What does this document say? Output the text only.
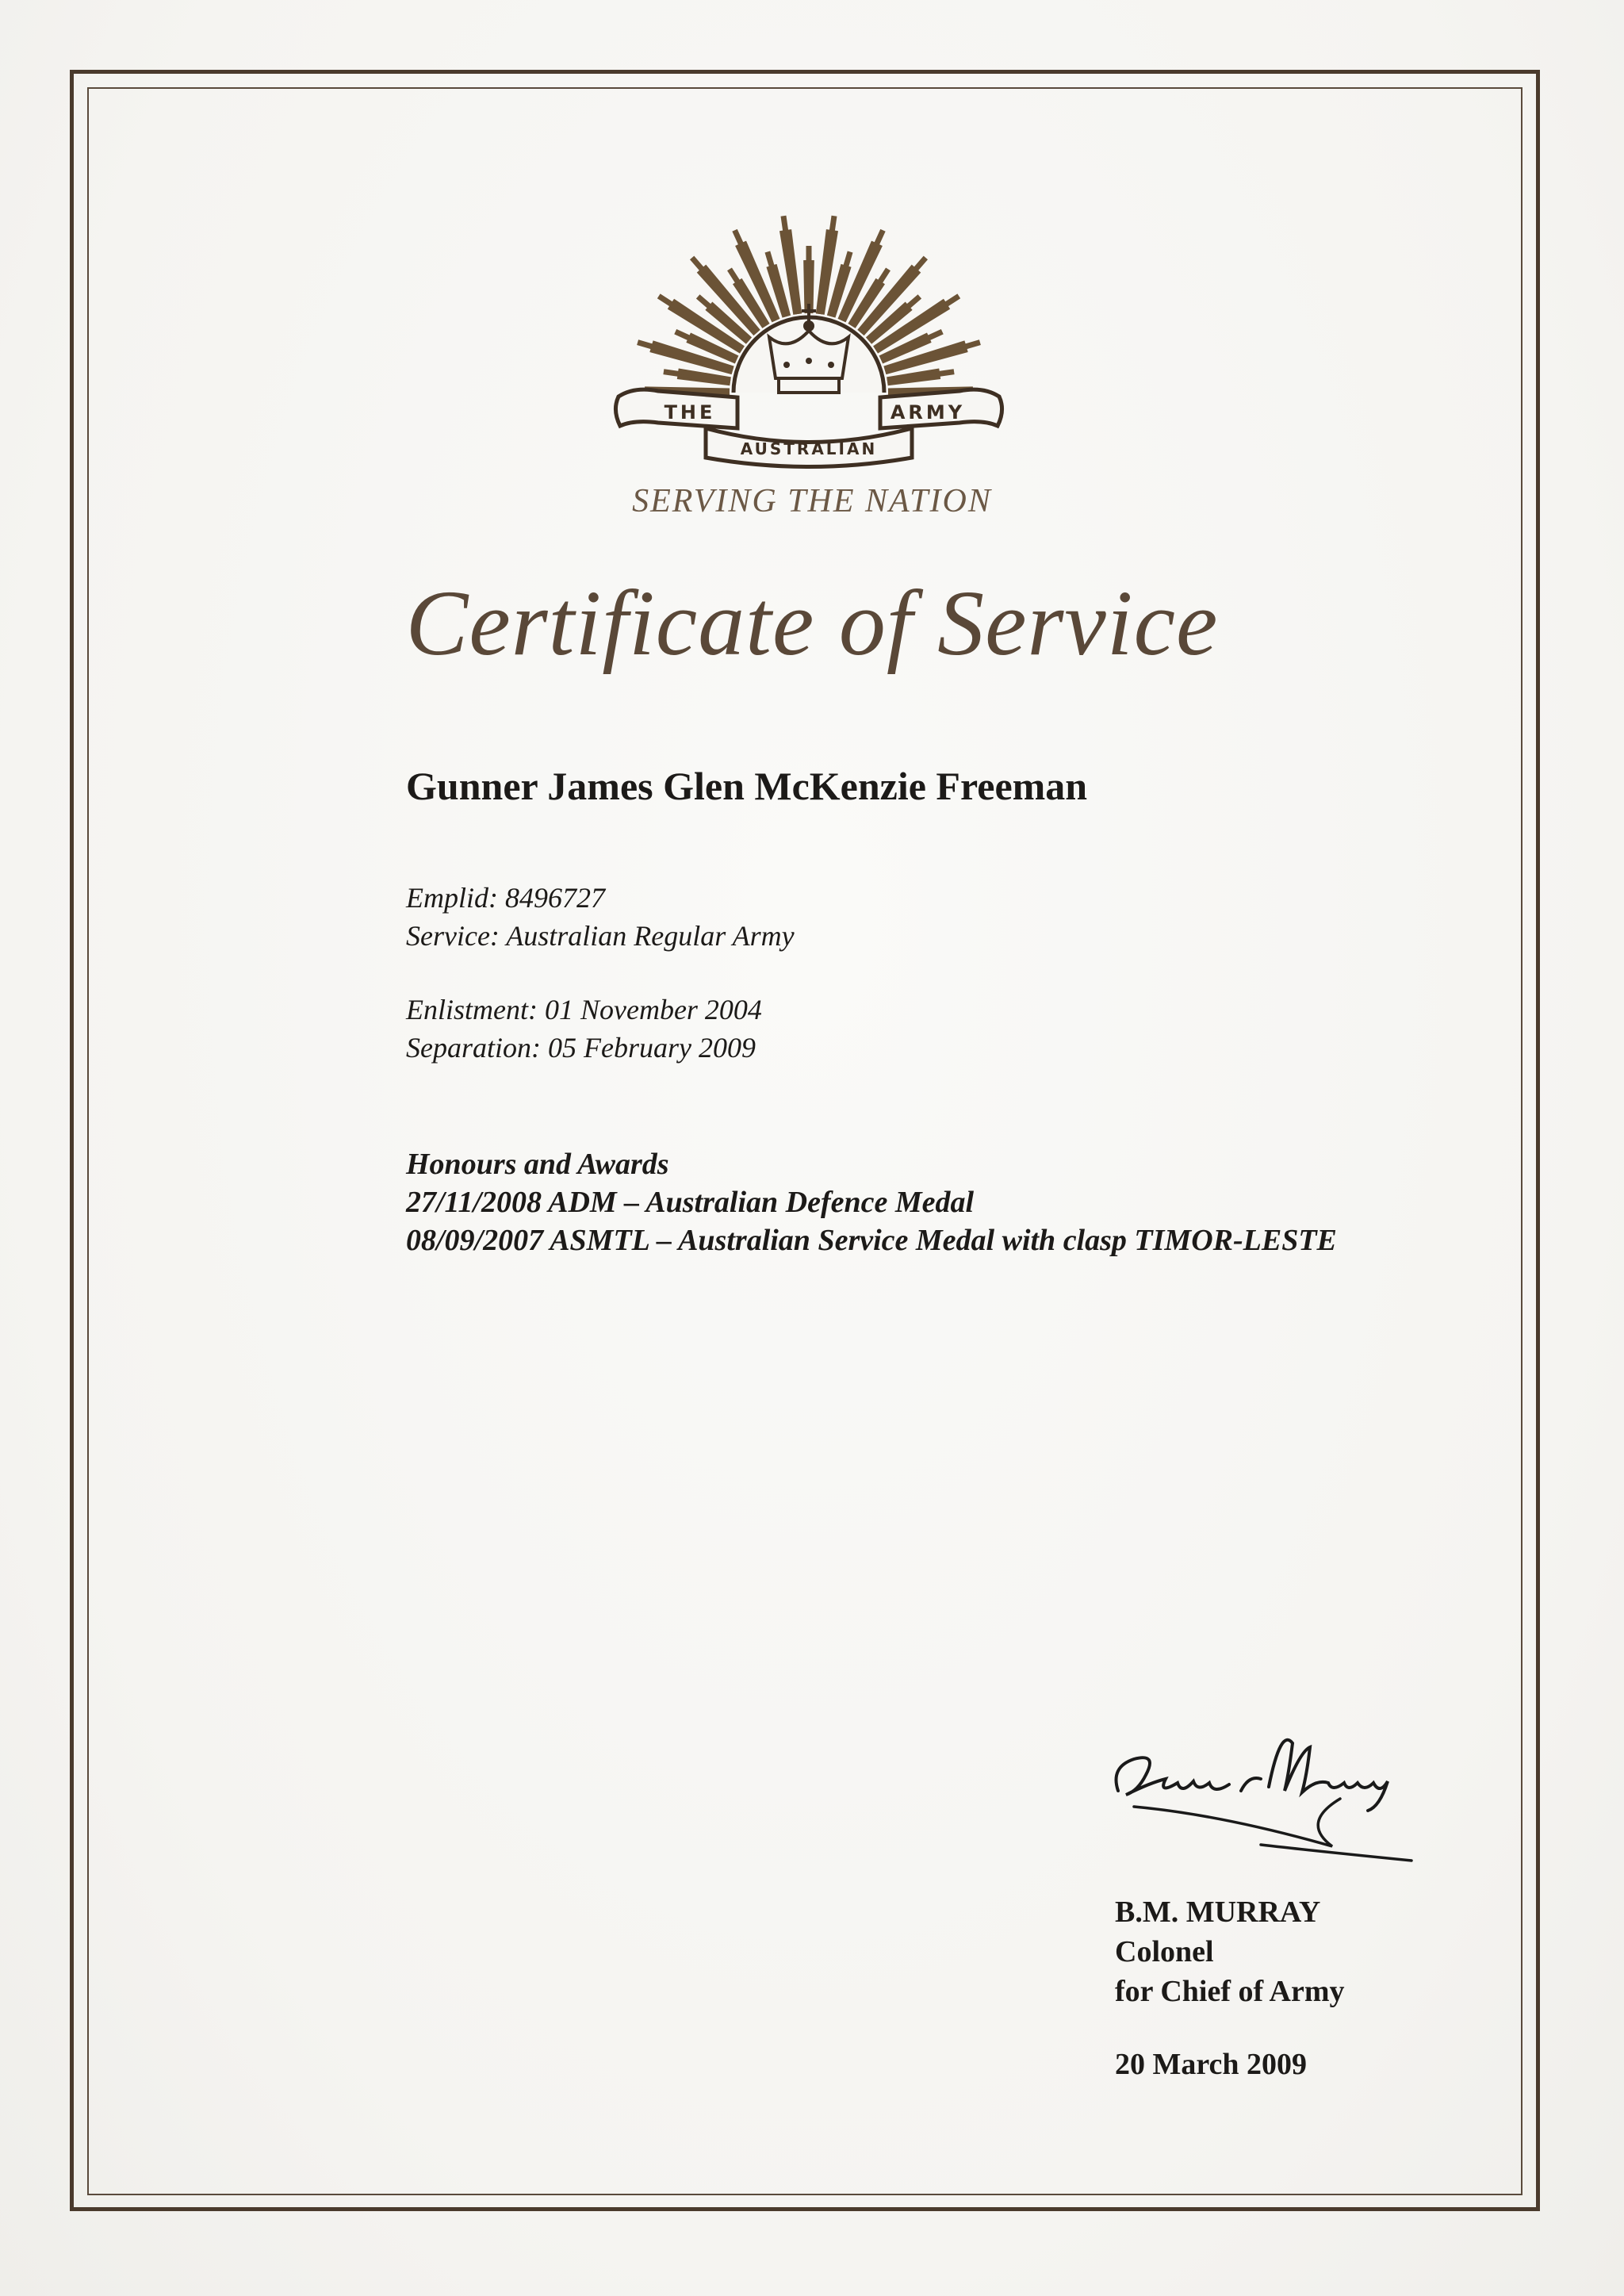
THE	ARMY
AUSTRALIAN
SERVING THE NATION
Certificate of Service
Gunner James Glen McKenzie Freeman
Emplid: 8496727
Service: Australian Regular Army
Enlistment: 01 November 2004
Separation: 05 February 2009
Honours and Awards
27/11/2008 ADM – Australian Defence Medal
08/09/2007 ASMTL – Australian Service Medal with clasp TIMOR-LESTE
B.M. MURRAY
Colonel
for Chief of Army
20 March 2009
